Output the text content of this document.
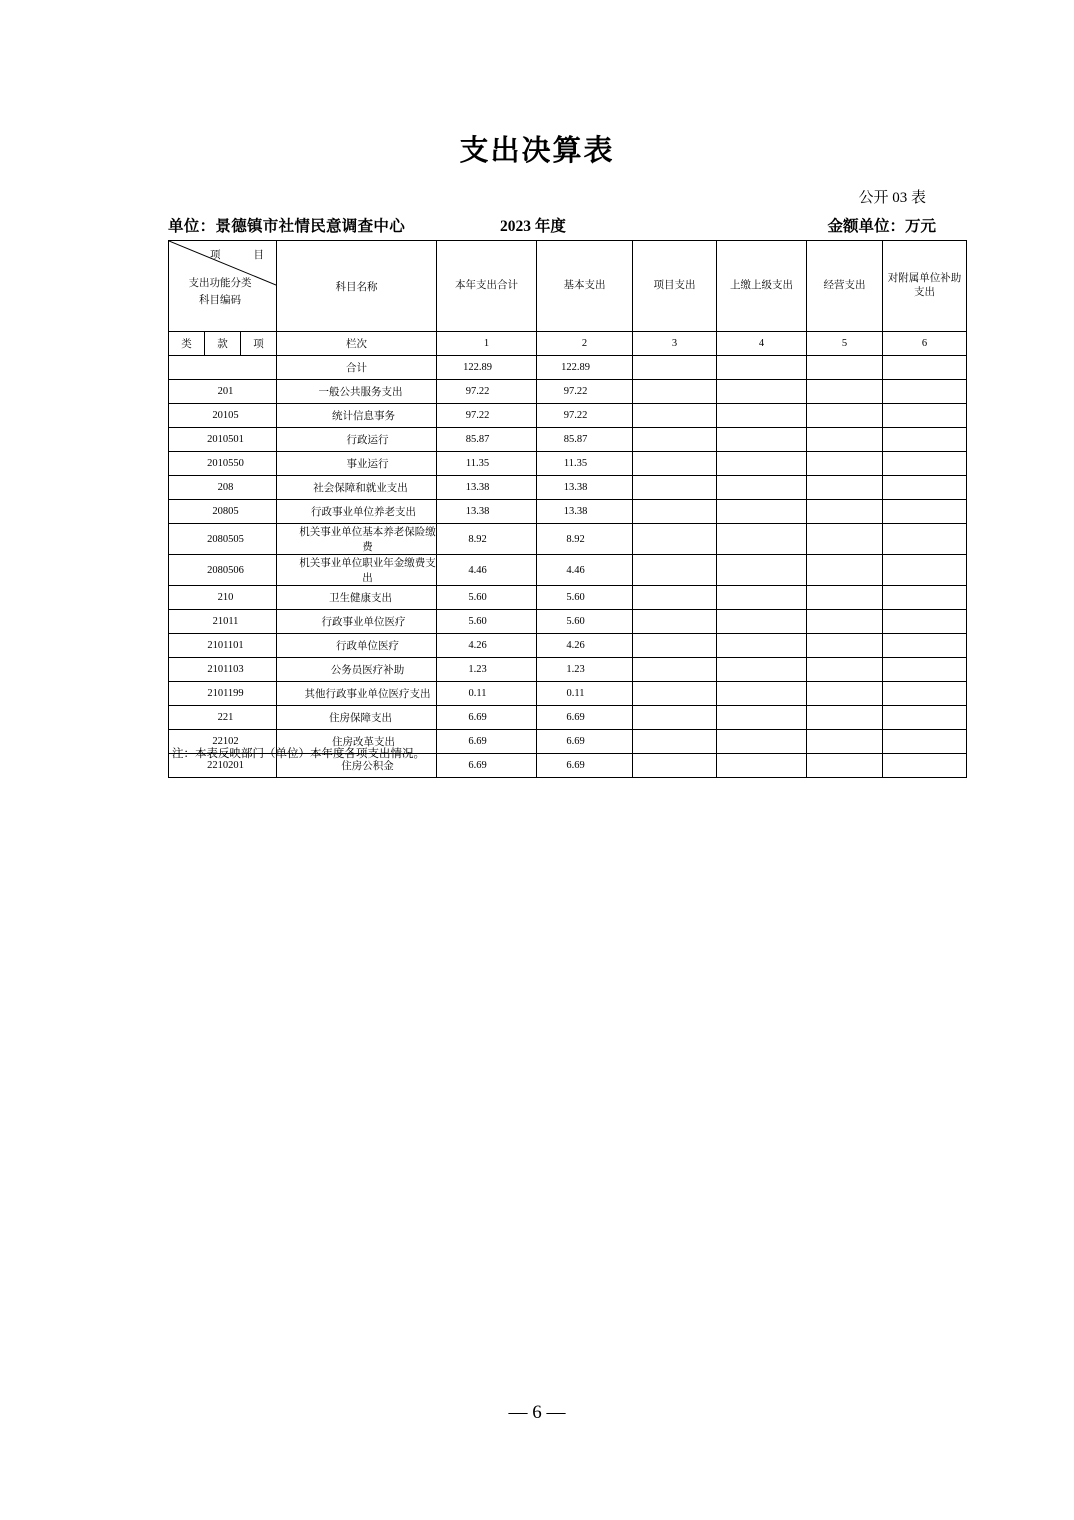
支出决算表
公开 03 表
单位：景德镇市社情民意调查中心	2023 年度	金额单位：万元
项　　目
支出功能分类
科目编码			科目名称	本年支出合计	基本支出	项目支出	上缴上级支出	经营支出	对附属单位补助支出
类	款	项	栏次	1	2	3	4	5	6
			合计	122.89	122.89				
201			一般公共服务支出	97.22	97.22				
20105			统计信息事务	97.22	97.22				
2010501			行政运行	85.87	85.87				
2010550			事业运行	11.35	11.35				
208			社会保障和就业支出	13.38	13.38				
20805			行政事业单位养老支出	13.38	13.38				
2080505			机关事业单位基本养老保险缴费	8.92	8.92				
2080506			机关事业单位职业年金缴费支出	4.46	4.46				
210			卫生健康支出	5.60	5.60				
21011			行政事业单位医疗	5.60	5.60				
2101101			行政单位医疗	4.26	4.26				
2101103			公务员医疗补助	1.23	1.23				
2101199			其他行政事业单位医疗支出	0.11	0.11				
221			住房保障支出	6.69	6.69				
22102			住房改革支出	6.69	6.69				
2210201			住房公积金	6.69	6.69				
注：本表反映部门（单位）本年度各项支出情况。
— 6 —
